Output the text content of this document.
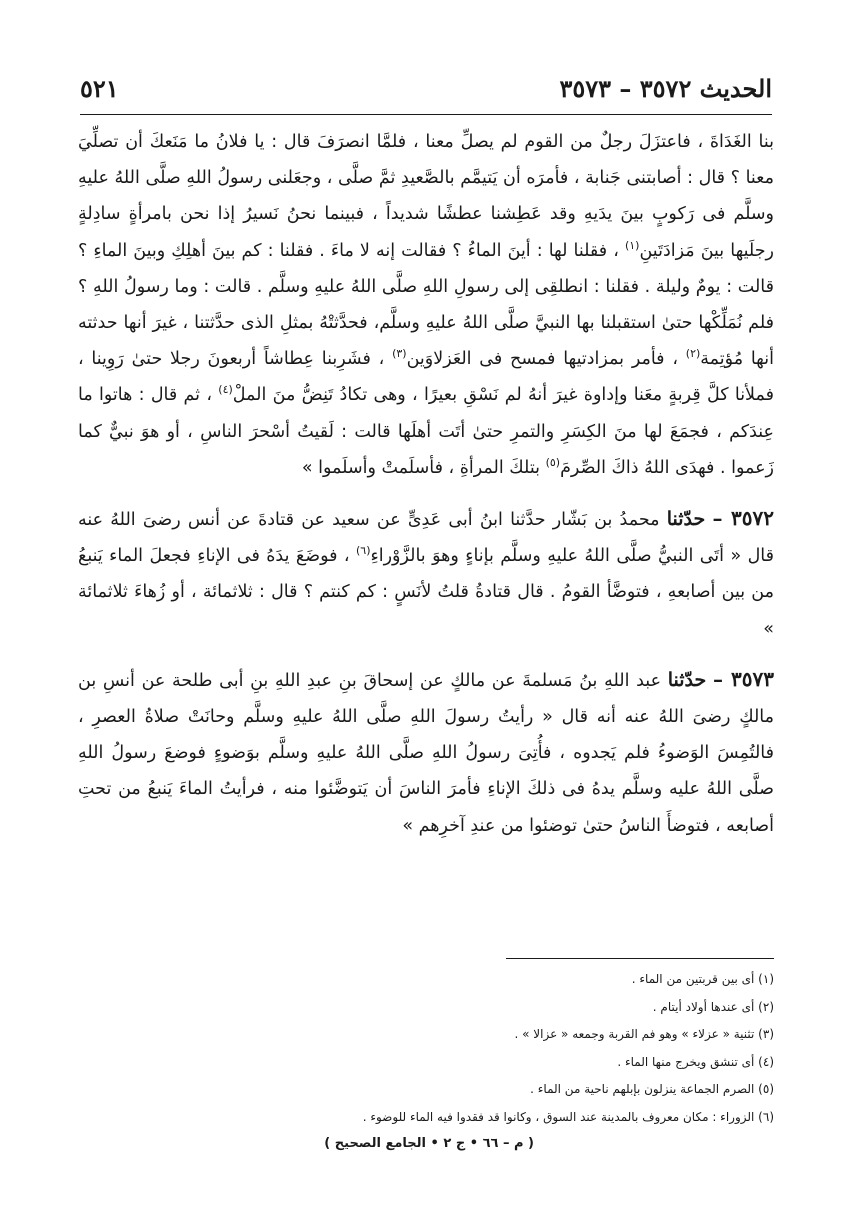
الحديث ٣٥٧٢ – ٣٥٧٣
٥٢١

بنا الغَدَاةَ ، فاعتزَلَ رجلٌ من القوم لم يصلِّ معنا ، فلمَّا انصرَفَ قال : يا فلانُ ما مَنَعكَ أن تصلِّيَ معنا ؟ قال : أصابتنى جَنابة ، فأمرَه أن يَتيمَّم بالصَّعيدِ ثمَّ صلَّى ، وجعَلنى رسولُ اللهِ صلَّى اللهُ عليهِ وسلَّم فى رَكوبٍ بينَ يدَيهِ وقد عَطِشنا عطشًا شديداً ، فبينما نحنُ نَسيرُ إذا نحن بامرأةٍ سادِلةٍ رجلَيها بينَ مَزادَتَينِ$^{(١)}$ ، فقلنا لها : أينَ الماءُ ؟ فقالت إنه لا ماءَ . فقلنا : كم بينَ أهلِكِ وبينَ الماءِ ؟ قالت : يومٌ وليلة . فقلنا : انطلقِى إلى رسولِ اللهِ صلَّى اللهُ عليهِ وسلَّم . قالت : وما رسولُ اللهِ ؟ فلم نُمَلِّكْها حتىٰ استقبلنا بها النبيَّ صلَّى اللهُ عليهِ وسلَّم، فحدَّثتْهُ بمثلِ الذى حدَّثتنا ، غيرَ أنها حدثته أنها مُؤتِمة$^{(٢)}$ ، فأمر بمزادتيها فمسح فى العَزلاوَين$^{(٣)}$ ، فشَرِبنا عِطاشاً أربعونَ رجلا حتىٰ رَوِينا ، فملأنا كلَّ قِربةٍ معَنا وإداوة غيرَ أنهُ لم نَسْقِ بعيرًا ، وهى تكادُ تَنِضُّ منَ الملْ$^{(٤)}$ ، ثم قال : هاتوا ما عِندَكم ، فجمَعَ لها منَ الكِسَرِ والتمرِ حتىٰ أتَت أهلَها قالت : لَقيتُ أسْحرَ الناسِ ، أو هوَ نبيٌّ كما زَعموا . فهدَى اللهُ ذاكَ الصِّرمَ$^{(٥)}$ بتلكَ المرأةِ ، فأسلَمتْ وأسلَموا »

٣٥٧٢ – حدّثنا محمدُ بن بَشّار حدَّثنا ابنُ أبى عَدِىٍّ عن سعيد عن قتادةَ عن أنس رضىَ اللهُ عنه قال « أتَى النبيُّ صلَّى اللهُ عليهِ وسلَّم بإناءٍ وهوَ بالزَّوْراءِ$^{(٦)}$ ، فوضَعَ يدَهُ فى الإناءِ فجعلَ الماء يَنبعُ من بين أصابعهِ ، فتوضَّأ القومُ . قال قتادةُ قلتُ لأنَسٍ : كم كنتم ؟ قال : ثلاثمائة ، أو زُهاءَ ثلاثمائة »

٣٥٧٣ – حدّثنا عبد اللهِ بنُ مَسلمةَ عن مالكٍ عن إسحاقَ بنِ عبدِ اللهِ بنِ أبى طلحة عن أنسِ بن مالكٍ رضىَ اللهُ عنه أنه قال « رأيتُ رسولَ اللهِ صلَّى اللهُ عليهِ وسلَّم وحانَتْ صلاةُ العصرِ ، فالتُمِسَ الوَضوءُ فلم يَجدوه ، فأُتِىَ رسولُ اللهِ صلَّى اللهُ عليهِ وسلَّم بوَضوءٍ فوضعَ رسولُ اللهِ صلَّى اللهُ عليه وسلَّم يدهُ فى ذلكَ الإناءِ فأمرَ الناسَ أن يَتوضَّئوا منه ، فرأيتُ الماءَ يَنبعُ من تحتِ أصابعه ، فتوضأَ الناسُ حتىٰ توضئوا من عندِ آخرِهم »

(١) أى بين قربتين من الماء .
(٢) أى عندها أولاد أيتام .
(٣) تثنية « عزلاء » وهو فم القربة وجمعه « عزالا » .
(٤) أى تنشق ويخرج منها الماء .
(٥) الصرم الجماعة ينزلون بإبلهم ناحية من الماء .
(٦) الزوراء : مكان معروف بالمدينة عند السوق ، وكانوا قد فقدوا فيه الماء للوضوء .
( م – ٦٦ • ج ٢ • الجامع الصحيح )
